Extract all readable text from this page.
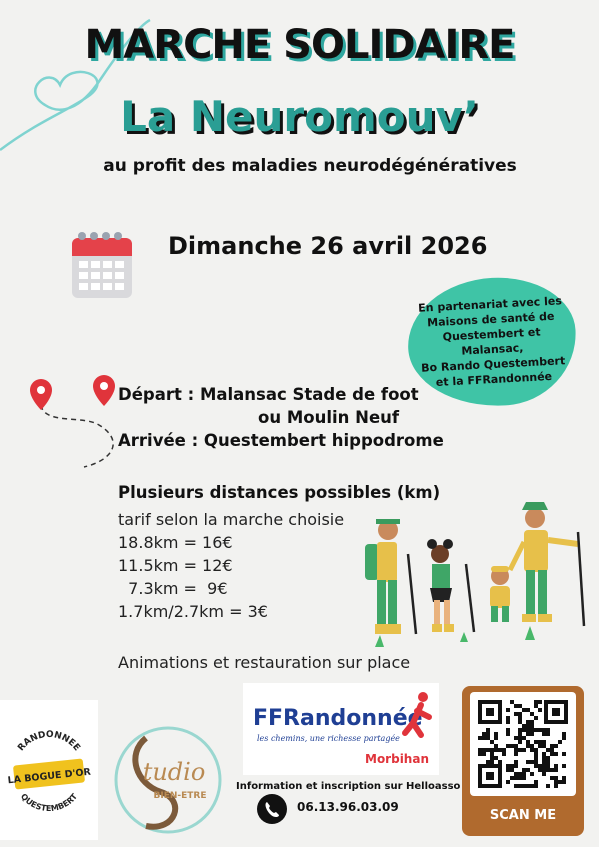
MARCHE SOLIDAIRE
La Neuromouv’
au profit des maladies neurodégénératives
Dimanche 26 avril 2026
En partenariat avec les
Maisons de santé de
Questembert et
Malansac,
Bo Rando Questembert
et la FFRandonnée
Départ : Malansac Stade de foot
ou Moulin Neuf
Arrivée : Questembert hippodrome
Plusieurs distances possibles (km)
tarif selon la marche choisie
18.8km = 16€
11.5km = 12€
7.3km =  9€
1.7km/2.7km = 3€
Animations et restauration sur place
RANDONNEE
LA BOGUE D'OR
QUESTEMBERT
tudio
BIEN-ETRE
FFRandonnée
les chemins, une richesse partagée
Morbihan
Information et inscription sur Helloasso
06.13.96.03.09
SCAN ME
